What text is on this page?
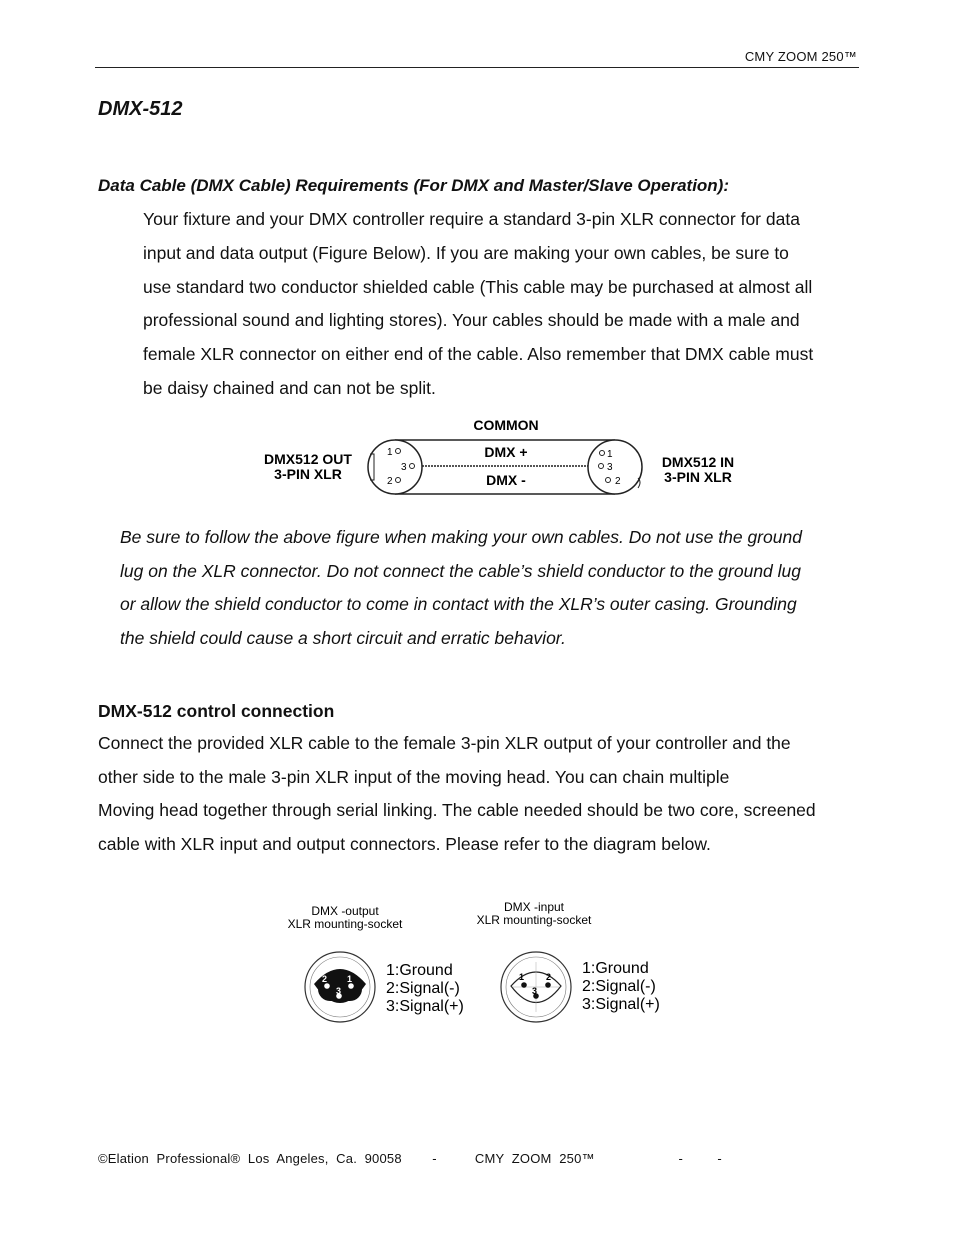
CMY ZOOM 250™
DMX-512
Data Cable (DMX Cable) Requirements (For DMX and Master/Slave Operation):
Your fixture and your DMX controller require a standard 3-pin XLR connector for data
input and data output (Figure Below). If you are making your own cables, be sure to
use standard two conductor shielded cable (This cable may be purchased at almost all
professional sound and lighting stores). Your cables should be made with a male and
female XLR connector on either end of the cable. Also remember that DMX cable must
be daisy chained and can not be split.
COMMON
DMX512 OUT
3-PIN XLR
DMX512 IN
3-PIN XLR
1
3
2
1
3
2
DMX +
DMX -
Be sure to follow the above figure when making your own cables. Do not use the ground
lug on the XLR connector. Do not connect the cable’s shield conductor to the ground lug
or allow the shield conductor to come in contact with the XLR’s outer casing. Grounding
the shield could cause a short circuit and erratic behavior.
DMX-512 control connection
Connect the provided XLR cable to the female 3-pin XLR output of your controller and the
other side to the male 3-pin XLR input of the moving head. You can chain multiple
Moving head together through serial linking. The cable needed should be two core, screened
cable with XLR input and output connectors. Please refer to the diagram below.
DMX -output
XLR mounting-socket
DMX -input
XLR mounting-socket
2 1
3
1:Ground
2:Signal(-)
3:Signal(+)
1 2
3
1:Ground
2:Signal(-)
3:Signal(+)
©Elation  Professional®  Los  Angeles,  Ca.  90058        -          CMY  ZOOM  250™                      -         -
